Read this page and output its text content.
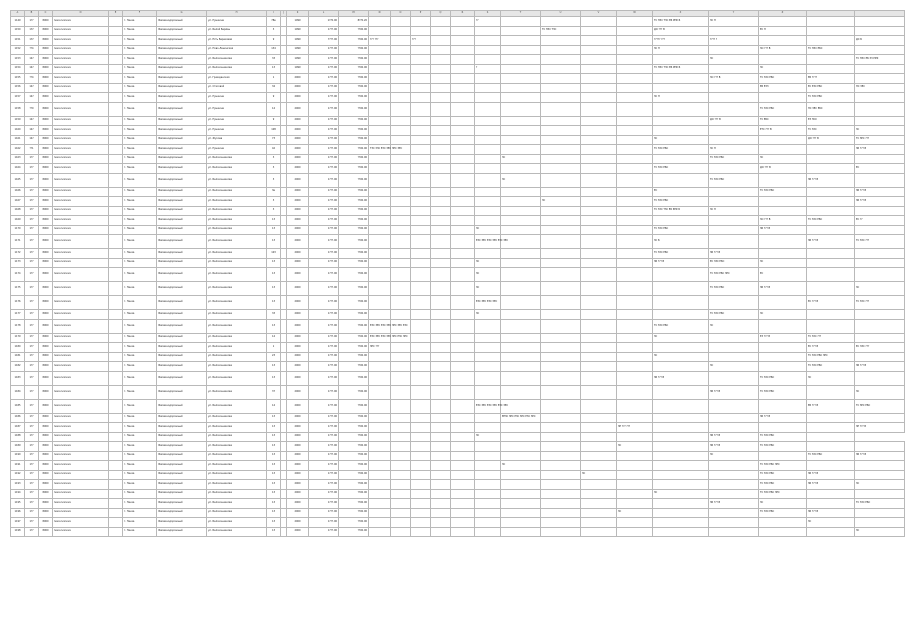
A	B	C	D	E	F	G	H	I	J	K	L	M	N	O	P	Q	R	S	T	U	V	W	X	Y	Z			
1149	1??	8900	Ivana Ivanova		г. Пенза	Железнодорожный	ул. Пушкина	78в		1999	1??0.00	8??0.20						??					ТС ПЗС ТЗС ЕБ РРФ Б	ЗС П				
1150	13?	8900	Ivana Ivanova		г. Пенза	Железнодорожный	ул. Белой Берёзы	3		1999	1???.00	??00.00								ТС ПЗС ТЗС			ДО ??? В		ЕС П			
1151	13?	8900	Ivana Ivanova		г. Пенза	Железнодорожный	ул. Есть Березовая	9		1999	7???.00	??00.00	??? ???		???								????? ???	???? ?			ДС Б	
1152	??4	8900	Ivana Ivanova		г. Пенза	Железнодорожный	ул. Ново-Ленинская	134		1999	1???.00	??00.00											ЗС П		ЗО ??? В	ТС ПЗС ЕБС		
1153	14?	8900	Ivana Ivanova		г. Пенза	Железнодорожный	ул. Белоконникова	33		1999	1???.00	??00.00												ЗС			ТС ПЗС ЕБ ЗЗ РРФ	
1154	14?	8900	Ivana Ivanova		г. Пенза	Железнодорожный	ул. Белоконникова	13		1999	1???.00	??00.00						?					ТС ПЗС ТЗС ЕБ РРФ Б		ЗС			
1155	??4	8900	Ivana Ivanova		г. Пенза	Железнодорожный	ул. Гражданская	1		2000	1???.00	??00.00												ЗО ??? В	ТС ЗЗС ЕБС	ЕБ ????		
1156	14?	8900	Ivana Ivanova		г. Пенза	Железнодорожный	ул. Стасовой	34		2000	1???.00	??00.00													ЕБ ЕЗЗ	ЕС ЕЗС ЕБС	ПС ЗЕС	
1157	14?	8900	Ivana Ivanova		г. Пенза	Железнодорожный	ул. Пушкина	9		2000	1???.00	??00.00											ЗС П			ТС ЗЗС ЕБС		
1158	??0	8900	Ivana Ivanova		г. Пенза	Железнодорожный	ул. Пушкина	14		2000	1???.00	??00.00													ТС ЗЗС ЕБС	ПС ЗЕС ЕБС		
1159	14?	8900	Ivana Ivanova		г. Пенза	Железнодорожный	ул. Пушкина	9		2000	1???.00	??00.00												ДО ??? В	ТС ЕБС	ЕЗ ПСС		
1160	14?	8900	Ivana Ivanova		г. Пенза	Железнодорожный	ул. Пушкина	108		2000	1???.00	??00.00													ЕТС ??? В	ТС ЗЗС	ЗС	
1161	14?	8900	Ivana Ivanova		г. Пенза	Железнодорожный	ул. Жукова	73		2000	1???.00	??00.00											ЗС			ДО ??? В	ТС ЗЕС ???	
1162	??1	8900	Ivana Ivanova		г. Пенза	Железнодорожный	ул. Пушкина	42		2000	1???.00	??00.00	ТЗС ЗЗС ЕЗС ЗЕС	ЗЕС ЗЕС									ТС ЗЗС ЕБС	ЗС П			ЗБ ??? В	
1163	1??	8900	Ivana Ivanova		г. Пенза	Железнодорожный	ул. Белоконникова	3		2000	1???.00	??00.00							ЗС					ТС ЗЗС ЕБС	ЗС			
1164	1??	8900	Ivana Ivanova		г. Пенза	Железнодорожный	ул. Белоконникова	3		2000	1???.00	??00.00											ТС ЗЗС ЕБС		ДО ??? В		ЕС	
1165	1??	8900	Ivana Ivanova		г. Пенза	Железнодорожный	ул. Белоконникова	3		2000	1???.00	??00.00							ЗС					ТС ЗЗС ЕБС		ЗБ ??? В		
1166	1??	8900	Ivana Ivanova		г. Пенза	Железнодорожный	ул. Белоконникова	3в		2000	1???.00	??00.00											ЕС		ТС ЗЗС ЕБС		ЗБ ??? В	
1167	1??	8900	Ivana Ivanova		г. Пенза	Железнодорожный	ул. Белоконникова	3		2000	1???.00	??00.00								ЗС			ТС ЗЗС ЕБС				ЗБ ??? В	
1168	1??	8900	Ivana Ivanova		г. Пенза	Железнодорожный	ул. Белоконникова	3		2000	1???.00	??00.00											ТС ЗЗС ТЗС ЕБ РРФ Б	ЗС П				
1169	1??	8900	Ivana Ivanova		г. Пенза	Железнодорожный	ул. Белоконникова	13		2000	1???.00	??00.00													ЗО ??? В	ТС ЗЗС ЕБС	ЕС ??	
1170	1??	8900	Ivana Ivanova		г. Пенза	Железнодорожный	ул. Белоконникова	13		2000	1???.00	??00.00						ЗС					ТС ЗЗС ЕБС		ЗБ ??? В			
1171	1??	8900	Ivana Ivanova		г. Пенза	Железнодорожный	ул. Белоконникова	13		2000	1???.00	??00.00						ЕЗС ЗЕС ЕЗС ЗЕС ЕЗС ЗЕС					ЗС Б			ЗБ ??? В	ТС ЗЗС ???	
1172	1??	8900	Ivana Ivanova		г. Пенза	Железнодорожный	ул. Белоконникова	103		2000	1???.00	??00.00											ТС ЗЗС ЕБС	ЗБ ??? В				
1173	1??	8900	Ivana Ivanova		г. Пенза	Железнодорожный	ул. Белоконникова	13		2000	1???.00	??00.00						ЗС					ЗБ ??? В	ЕС ЗЗС ЕБС	ЗС			
1174	1??	8900	Ivana Ivanova		г. Пенза	Железнодорожный	ул. Белоконникова	13		2000	1???.00	??00.00						ЗС						ТС ЗЗС ЕБС ЗЕС	ЕС			
1175	1??	8900	Ivana Ivanova		г. Пенза	Железнодорожный	ул. Белоконникова	13		2000	1???.00	??00.00						ЗС						ТС ЗЗС ЕБС	ЗБ ??? В		ЗС	
1176	1??	8900	Ivana Ivanova		г. Пенза	Железнодорожный	ул. Белоконникова	13		2000	1???.00	??00.00						ЕЗС ЗЕС ЕЗС ЗЕС								ЕС ??? В	ТС ЗЗС ???	
1177	1??	8900	Ivana Ivanova		г. Пенза	Железнодорожный	ул. Белоконникова	33		2000	1???.00	??00.00						ЗС						ТС ЗЗС ЕБС	ЗС			
1178	1??	8900	Ivana Ivanova		г. Пенза	Железнодорожный	ул. Белоконникова	13		2000	1???.00	??00.00	ЕЗС ЗЕС ЕЗС ЗЕС	ЗЕС ЗЕС ЕЗС									ТС ЗЗС ЕБС	ЗС				
1179	1??	8900	Ivana Ivanova		г. Пенза	Железнодорожный	ул. Белоконникова	14		2000	1???.00	??00.00	ЕЗС ЗЕС ЕЗС ЗЕС	ЗЕС ЕЗС ЗЕС									ЗС		ЕЗ ??? В	ТС ЗЗС ???		
1180	1??	8900	Ivana Ivanova		г. Пенза	Железнодорожный	ул. Белоконникова	1		2000	1???.00	??00.00	ЗЕС ???													ЕС ??? В	ЕС ЗЗС ???	
1181	1??	8900	Ivana Ivanova		г. Пенза	Железнодорожный	ул. Белоконникова	23		2000	1???.00	??00.00											ЗС			ТС ЗЗС ЕБС ЗЕС		
1182	1??	8900	Ivana Ivanova		г. Пенза	Железнодорожный	ул. Белоконникова	13		2000	1???.00	??00.00												ЗС		ТС ЗЗС ЕБС	ЗБ ??? В	
1183	1??	8900	Ivana Ivanova		г. Пенза	Железнодорожный	ул. Белоконникова	13		2000	1???.00	??00.00											ЗБ ??? В		ТС ЗЗС ЕБС	ЗС		
1184	1??	8900	Ivana Ivanova		г. Пенза	Железнодорожный	ул. Белоконникова	37		2000	1???.00	??00.00												ЗБ ??? В	ТС ЗЗС ЕБС		ЗС	
1185	1??	8900	Ivana Ivanova		г. Пенза	Железнодорожный	ул. Белоконникова	14		2000	1???.00	??00.00						ЕЗС ЗЕС ЕЗС ЗЕС ЕЗС ЗЕС								ЕБ ??? В	ТС ЗЕС ЕБС	
1186	1??	8900	Ivana Ivanova		г. Пенза	Железнодорожный	ул. Белоконникова	13		2000	1???.00	??00.00							ЕЕЗС ЗЕС ЕЗС ЗЕС ЕЗС ЗЕС						ЗБ ??? В			
1187	1??	8900	Ivana Ivanova		г. Пенза	Железнодорожный	ул. Белоконникова	13		2000	1???.00	??00.00										ЗЕ ??? ???					ЗЕ ??? В	
1188	1??	8900	Ivana Ivanova		г. Пенза	Железнодорожный	ул. Белоконникова	13		2000	1???.00	??00.00						ЗС						ЗБ ??? В	ТС ЗЗС ЕБС			
1189	1??	8900	Ivana Ivanova		г. Пенза	Железнодорожный	ул. Белоконникова	13		2000	1???.00	??00.00										ЗС		ЗБ ??? В	ТС ЗЗС ЕБС			
1190	1??	8900	Ivana Ivanova		г. Пенза	Железнодорожный	ул. Белоконникова	13		2000	1???.00	??00.00												ЗС		ТС ЗЗС ЕБС	ЗБ ??? В	
1191	1??	8900	Ivana Ivanova		г. Пенза	Железнодорожный	ул. Белоконникова	13		2000	1???.00	??00.00							ЗС						ТС ЗЗС ЕБС ЗЕС			
1192	1??	8900	Ivana Ivanova		г. Пенза	Железнодорожный	ул. Белоконникова	13		2000	1???.00	??00.00									ЗС				ТС ЗЗС ЕБС	ЗБ ??? В		
1193	1??	8900	Ivana Ivanova		г. Пенза	Железнодорожный	ул. Белоконникова	13		2000	1???.00	??00.00													ТС ЗЗС ЕБС	ЗБ ??? В	ЗС	
1194	1??	8900	Ivana Ivanova		г. Пенза	Железнодорожный	ул. Белоконникова	13		2000	1???.00	??00.00											ЗС		ТС ЗЗС ЕБС ЗЕС			
1195	1??	8900	Ivana Ivanova		г. Пенза	Железнодорожный	ул. Белоконникова	13		2000	1???.00	??00.00												ЗБ ??? В	ЗС		ТС ЗЗС ЕБС	
1196	1??	8900	Ivana Ivanova		г. Пенза	Железнодорожный	ул. Белоконникова	13		2000	1???.00	??00.00										ЗС			ТС ЗЗС ЕБС	ЗБ ??? В		
1197	1??	8900	Ivana Ivanova		г. Пенза	Железнодорожный	ул. Белоконникова	13		2000	1???.00	??00.00														ЗС		
1198	1??	8900	Ivana Ivanova		г. Пенза	Железнодорожный	ул. Белоконникова	13		2000	1???.00	??00.00															ЗС	
